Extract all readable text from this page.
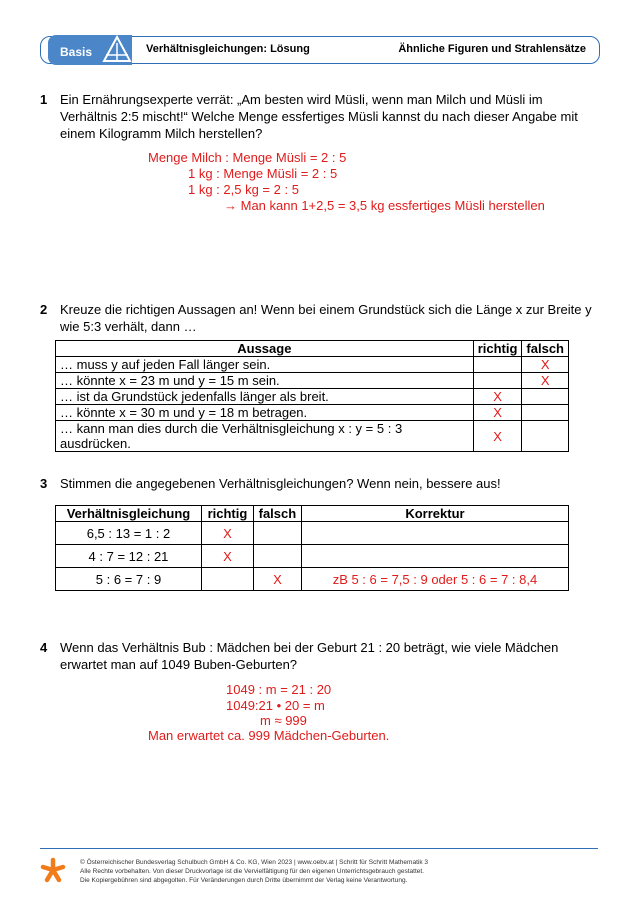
Basis	Verhältnisgleichungen: Lösung	Ähnliche Figuren und Strahlensätze
1 Ein Ernährungsexperte verrät: „Am besten wird Müsli, wenn man Milch und Müsli im Verhältnis 2:5 mischt!“ Welche Menge essfertiges Müsli kannst du nach dieser Angabe mit einem Kilogramm Milch herstellen?

Menge Milch : Menge Müsli = 2 : 5
1 kg : Menge Müsli = 2 : 5
1 kg : 2,5 kg = 2 : 5
→ Man kann 1+2,5 = 3,5 kg essfertiges Müsli herstellen
2 Kreuze die richtigen Aussagen an! Wenn bei einem Grundstück sich die Länge x zur Breite y wie 5:3 verhält, dann …

Aussage	richtig	falsch
… muss y auf jeden Fall länger sein.		X
… könnte x = 23 m und y = 15 m sein.		X
… ist da Grundstück jedenfalls länger als breit.	X	
… könnte x = 30 m und y = 18 m betragen.	X	
… kann man dies durch die Verhältnisgleichung x : y = 5 : 3 ausdrücken.	X	
3 Stimmen die angegebenen Verhältnisgleichungen? Wenn nein, bessere aus!

Verhältnisgleichung	richtig	falsch	Korrektur
6,5 : 13 = 1 : 2	X		
4 : 7 = 12 : 21	X		
5 : 6 = 7 : 9		X	zB 5 : 6 = 7,5 : 9 oder 5 : 6 = 7 : 8,4
4 Wenn das Verhältnis Bub : Mädchen bei der Geburt 21 : 20 beträgt, wie viele Mädchen erwartet man auf 1049 Buben-Geburten?

1049 : m = 21 : 20
1049:21 • 20 = m
m ≈ 999
Man erwartet ca. 999 Mädchen-Geburten.
© Österreichischer Bundesverlag Schulbuch GmbH & Co. KG, Wien 2023 | www.oebv.at | Schritt für Schritt Mathematik 3
Alle Rechte vorbehalten. Von dieser Druckvorlage ist die Vervielfältigung für den eigenen Unterrichtsgebrauch gestattet.
Die Kopiergebühren sind abgegolten. Für Veränderungen durch Dritte übernimmt der Verlag keine Verantwortung.
